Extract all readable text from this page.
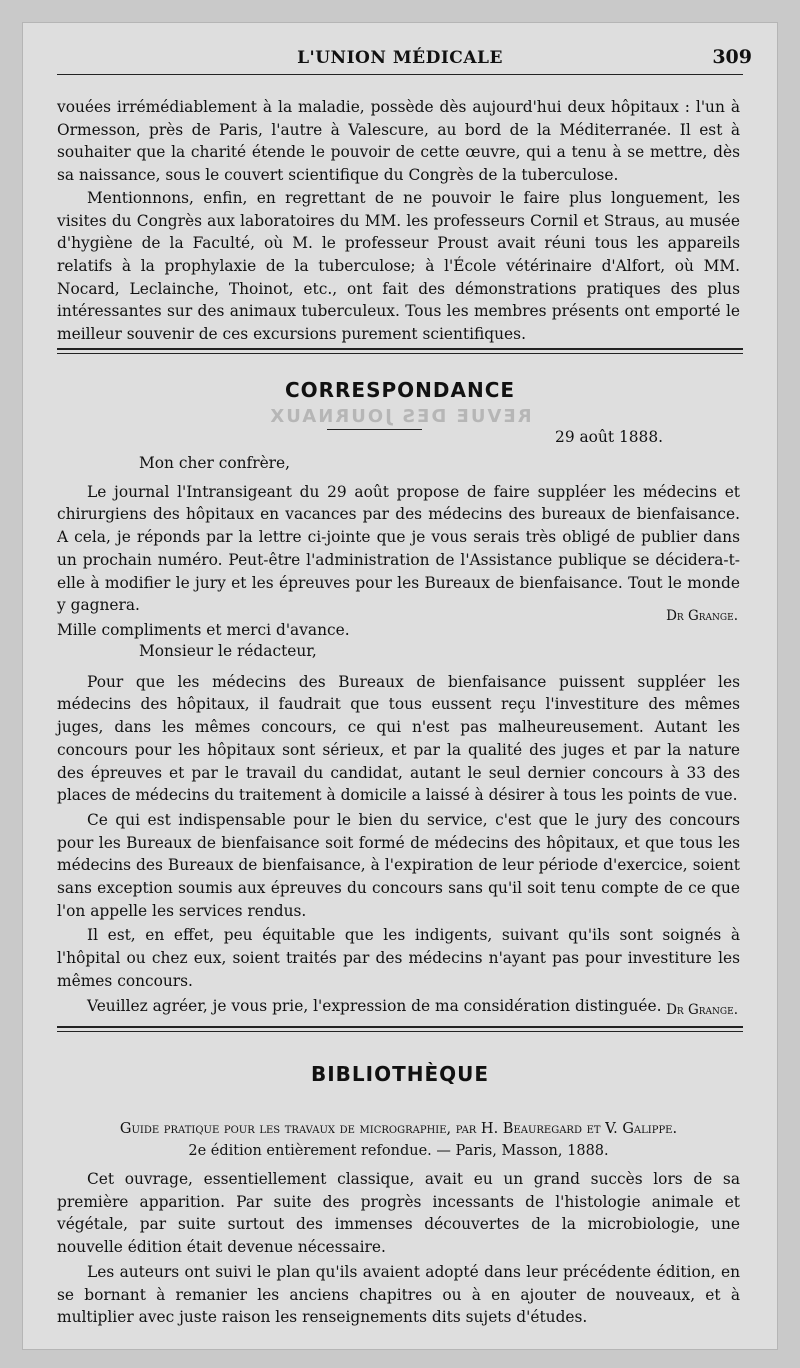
L'UNION MÉDICALE	309

vouées irrémédiablement à la maladie, possède dès aujourd'hui deux hôpitaux : l'un à Ormesson, près de Paris, l'autre à Valescure, au bord de la Méditerranée. Il est à souhaiter que la charité étende le pouvoir de cette œuvre, qui a tenu à se mettre, dès sa naissance, sous le couvert scientifique du Congrès de la tuberculose.

Mentionnons, enfin, en regrettant de ne pouvoir le faire plus longuement, les visites du Congrès aux laboratoires du MM. les professeurs Cornil et Straus, au musée d'hygiène de la Faculté, où M. le professeur Proust avait réuni tous les appareils relatifs à la prophylaxie de la tuberculose; à l'École vétérinaire d'Alfort, où MM. Nocard, Leclainche, Thoinot, etc., ont fait des démonstrations pratiques des plus intéressantes sur des animaux tuberculeux. Tous les membres présents ont emporté le meilleur souvenir de ces excursions purement scientifiques.

CORRESPONDANCE
REVUE DES JOURNAUX
29 août 1888.

Mon cher confrère,

Le journal l'Intransigeant du 29 août propose de faire suppléer les médecins et chirurgiens des hôpitaux en vacances par des médecins des bureaux de bienfaisance. A cela, je réponds par la lettre ci-jointe que je vous serais très obligé de publier dans un prochain numéro. Peut-être l'administration de l'Assistance publique se décidera-t-elle à modifier le jury et les épreuves pour les Bureaux de bienfaisance. Tout le monde y gagnera.

Mille compliments et merci d'avance.

Dr Grange.

Monsieur le rédacteur,

Pour que les médecins des Bureaux de bienfaisance puissent suppléer les médecins des hôpitaux, il faudrait que tous eussent reçu l'investiture des mêmes juges, dans les mêmes concours, ce qui n'est pas malheureusement. Autant les concours pour les hôpitaux sont sérieux, et par la qualité des juges et par la nature des épreuves et par le travail du candidat, autant le seul dernier concours à 33 des places de médecins du traitement à domicile a laissé à désirer à tous les points de vue.

Ce qui est indispensable pour le bien du service, c'est que le jury des concours pour les Bureaux de bienfaisance soit formé de médecins des hôpitaux, et que tous les médecins des Bureaux de bienfaisance, à l'expiration de leur période d'exercice, soient sans exception soumis aux épreuves du concours sans qu'il soit tenu compte de ce que l'on appelle les services rendus.

Il est, en effet, peu équitable que les indigents, suivant qu'ils sont soignés à l'hôpital ou chez eux, soient traités par des médecins n'ayant pas pour investiture les mêmes concours.

Veuillez agréer, je vous prie, l'expression de ma considération distinguée. Dr Grange.
BIBLIOTHÈQUE
Guide pratique pour les travaux de micrographie, par H. Beauregard et V. Galippe.
2e édition entièrement refondue. — Paris, Masson, 1888.

Cet ouvrage, essentiellement classique, avait eu un grand succès lors de sa première apparition. Par suite des progrès incessants de l'histologie animale et végétale, par suite surtout des immenses découvertes de la microbiologie, une nouvelle édition était devenue nécessaire.

Les auteurs ont suivi le plan qu'ils avaient adopté dans leur précédente édition, en se bornant à remanier les anciens chapitres ou à en ajouter de nouveaux, et à multiplier avec juste raison les renseignements dits sujets d'études.
